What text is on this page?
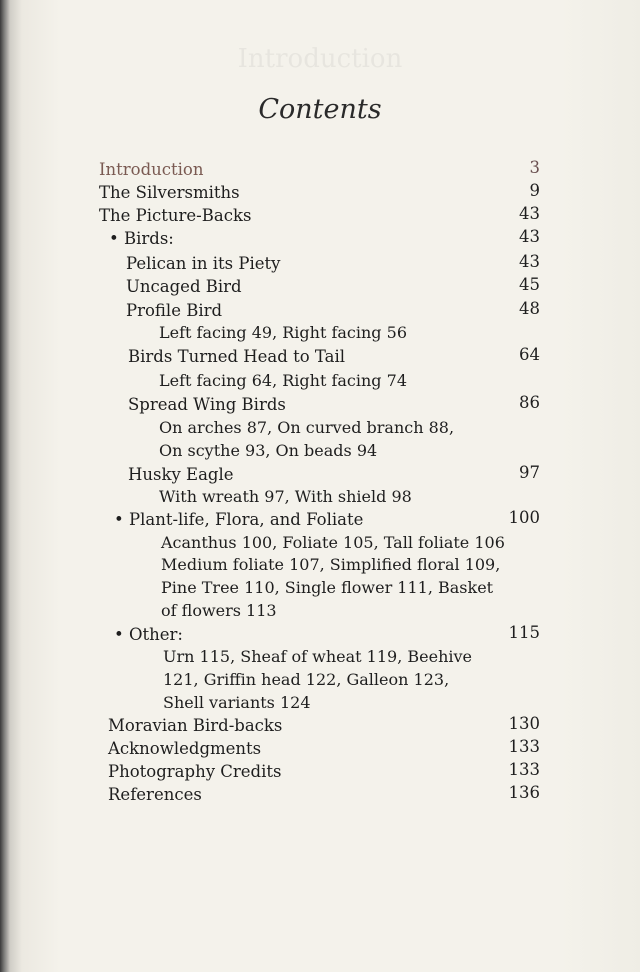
Introduction
Contents
Introduction	3
The Silversmiths	9
The Picture-Backs	43
• Birds:	43
Pelican in its Piety	43
Uncaged Bird	45
Profile Bird	48
Left facing 49, Right facing 56
Birds Turned Head to Tail	64
Left facing 64, Right facing 74
Spread Wing Birds	86
On arches 87, On curved branch 88,
On scythe 93, On beads 94
Husky Eagle	97
With wreath 97, With shield 98
• Plant-life, Flora, and Foliate	100
Acanthus 100, Foliate 105, Tall foliate 106
Medium foliate 107, Simplified floral 109,
Pine Tree 110, Single flower 111, Basket
of flowers 113
• Other:	115
Urn 115, Sheaf of wheat 119, Beehive
121, Griffin head 122, Galleon 123,
Shell variants 124
Moravian Bird-backs	130
Acknowledgments	133
Photography Credits	133
References	136
